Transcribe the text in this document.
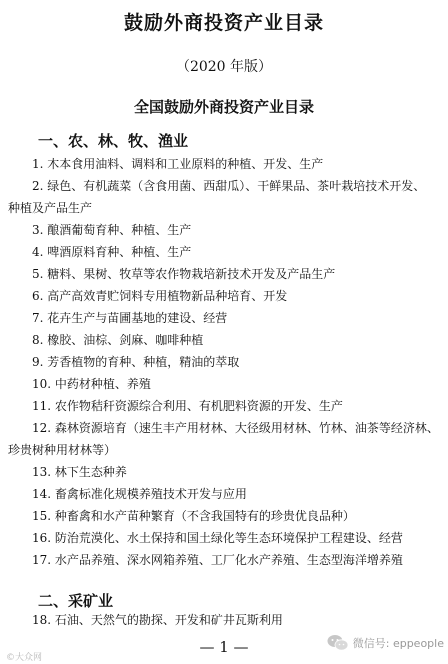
鼓励外商投资产业目录
（2020 年版）
全国鼓励外商投资产业目录
一、农、林、牧、渔业
1. 木本食用油料、调料和工业原料的种植、开发、生产
2. 绿色、有机蔬菜（含食用菌、西甜瓜）、干鲜果品、茶叶栽培技术开发、
种植及产品生产
3. 酿酒葡萄育种、种植、生产
4. 啤酒原料育种、种植、生产
5. 糖料、果树、牧草等农作物栽培新技术开发及产品生产
6. 高产高效青贮饲料专用植物新品种培育、开发
7. 花卉生产与苗圃基地的建设、经营
8. 橡胶、油棕、剑麻、咖啡种植
9. 芳香植物的育种、种植，精油的萃取
10. 中药材种植、养殖
11. 农作物秸秆资源综合利用、有机肥料资源的开发、生产
12. 森林资源培育（速生丰产用材林、大径级用材林、竹林、油茶等经济林、
珍贵树种用材林等）
13. 林下生态种养
14. 畜禽标准化规模养殖技术开发与应用
15. 种畜禽和水产苗种繁育（不含我国特有的珍贵优良品种）
16. 防治荒漠化、水土保持和国土绿化等生态环境保护工程建设、经营
17. 水产品养殖、深水网箱养殖、工厂化水产养殖、生态型海洋增养殖
二、采矿业
18. 石油、天然气的勘探、开发和矿井瓦斯利用
— 1 —
©大众网
微信号: eppeople
